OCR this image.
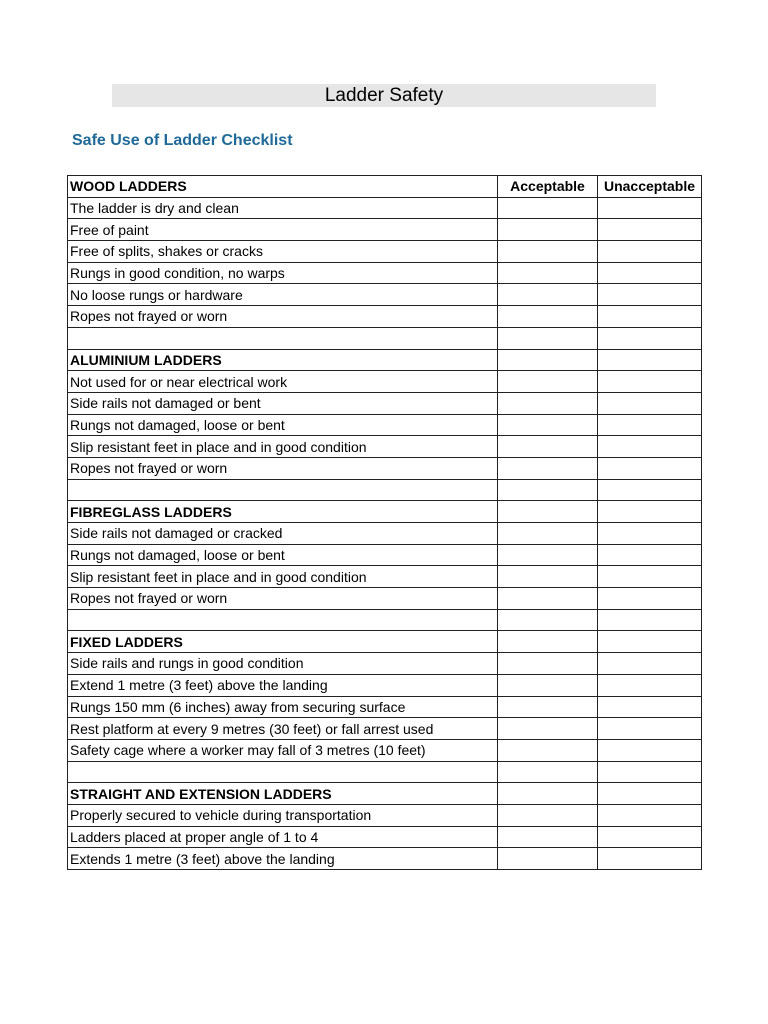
Ladder Safety
Safe Use of Ladder Checklist
WOOD LADDERS	Acceptable	Unacceptable
The ladder is dry and clean		
Free of paint		
Free of splits, shakes or cracks		
Rungs in good condition, no warps		
No loose rungs or hardware		
Ropes not frayed or worn		

ALUMINIUM LADDERS		
Not used for or near electrical work		
Side rails not damaged or bent		
Rungs not damaged, loose or bent		
Slip resistant feet in place and in good condition		
Ropes not frayed or worn		

FIBREGLASS LADDERS		
Side rails not damaged or cracked		
Rungs not damaged, loose or bent		
Slip resistant feet in place and in good condition		
Ropes not frayed or worn		

FIXED LADDERS		
Side rails and rungs in good condition		
Extend 1 metre (3 feet) above the landing		
Rungs 150 mm (6 inches) away from securing surface		
Rest platform at every 9 metres (30 feet) or fall arrest used		
Safety cage where a worker may fall of 3 metres (10 feet)		

STRAIGHT AND EXTENSION LADDERS		
Properly secured to vehicle during transportation		
Ladders placed at proper angle of 1 to 4		
Extends 1 metre (3 feet) above the landing		
